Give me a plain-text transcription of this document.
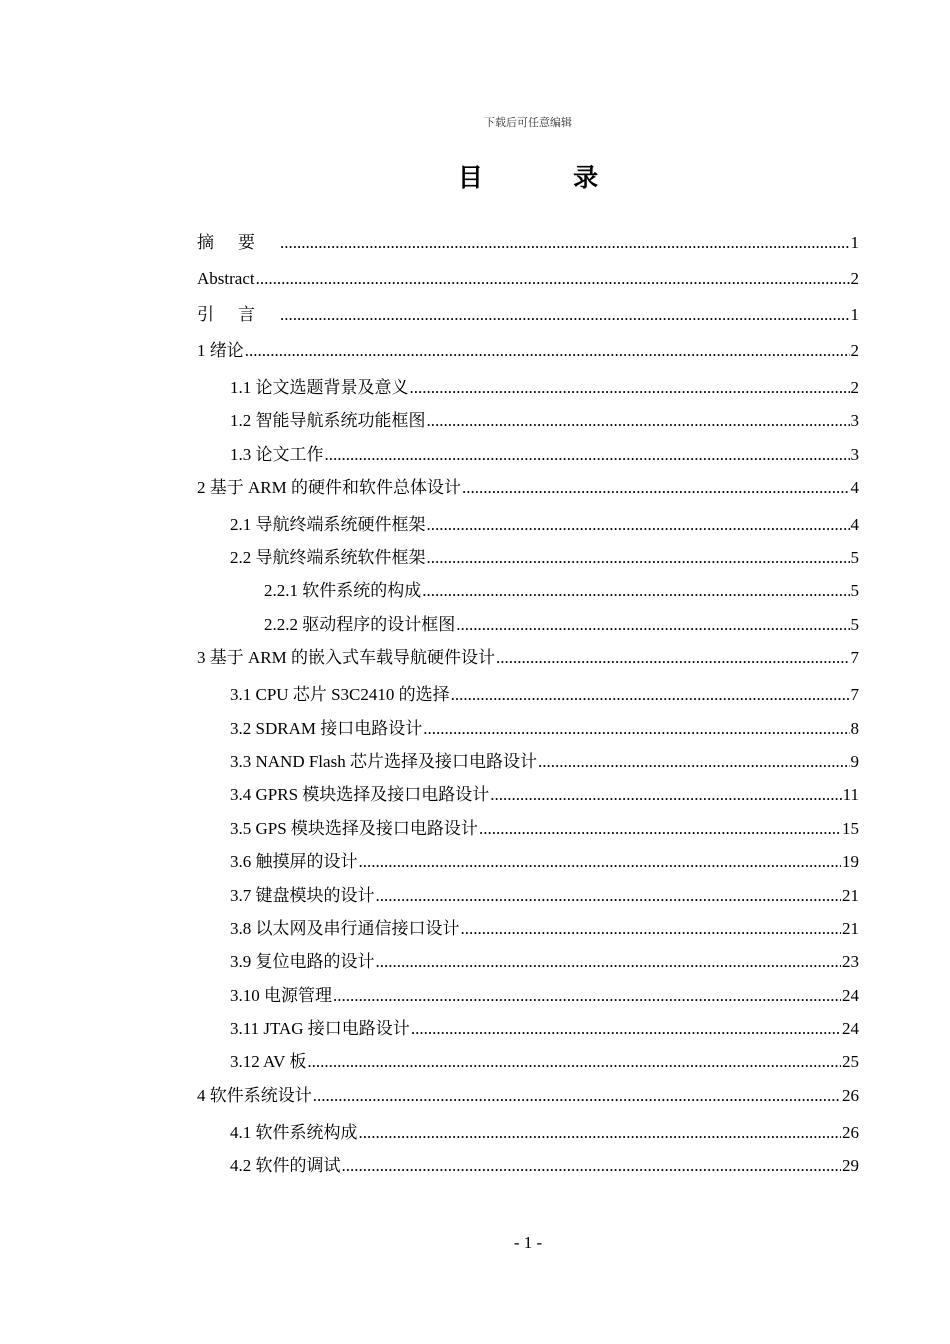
下载后可任意编辑
目 录
摘要 .....	1
Abstract .....	2
引言 .....	1
1 绪论 .....	2
1.1 论文选题背景及意义 .....	2
1.2 智能导航系统功能框图 .....	3
1.3 论文工作 .....	3
2 基于 ARM 的硬件和软件总体设计 .....	4
2.1 导航终端系统硬件框架 .....	4
2.2 导航终端系统软件框架 .....	5
2.2.1 软件系统的构成 .....	5
2.2.2 驱动程序的设计框图 .....	5
3 基于 ARM 的嵌入式车载导航硬件设计 .....	7
3.1 CPU 芯片 S3C2410 的选择 .....	7
3.2 SDRAM 接口电路设计 .....	8
3.3 NAND Flash 芯片选择及接口电路设计 .....	9
3.4 GPRS 模块选择及接口电路设计 .....	11
3.5 GPS 模块选择及接口电路设计 .....	15
3.6 触摸屏的设计 .....	19
3.7 键盘模块的设计 .....	21
3.8 以太网及串行通信接口设计 .....	21
3.9 复位电路的设计 .....	23
3.10 电源管理 .....	24
3.11 JTAG 接口电路设计 .....	24
3.12 AV 板 .....	25
4 软件系统设计 .....	26
4.1 软件系统构成 .....	26
4.2 软件的调试 .....	29
- 1 -
